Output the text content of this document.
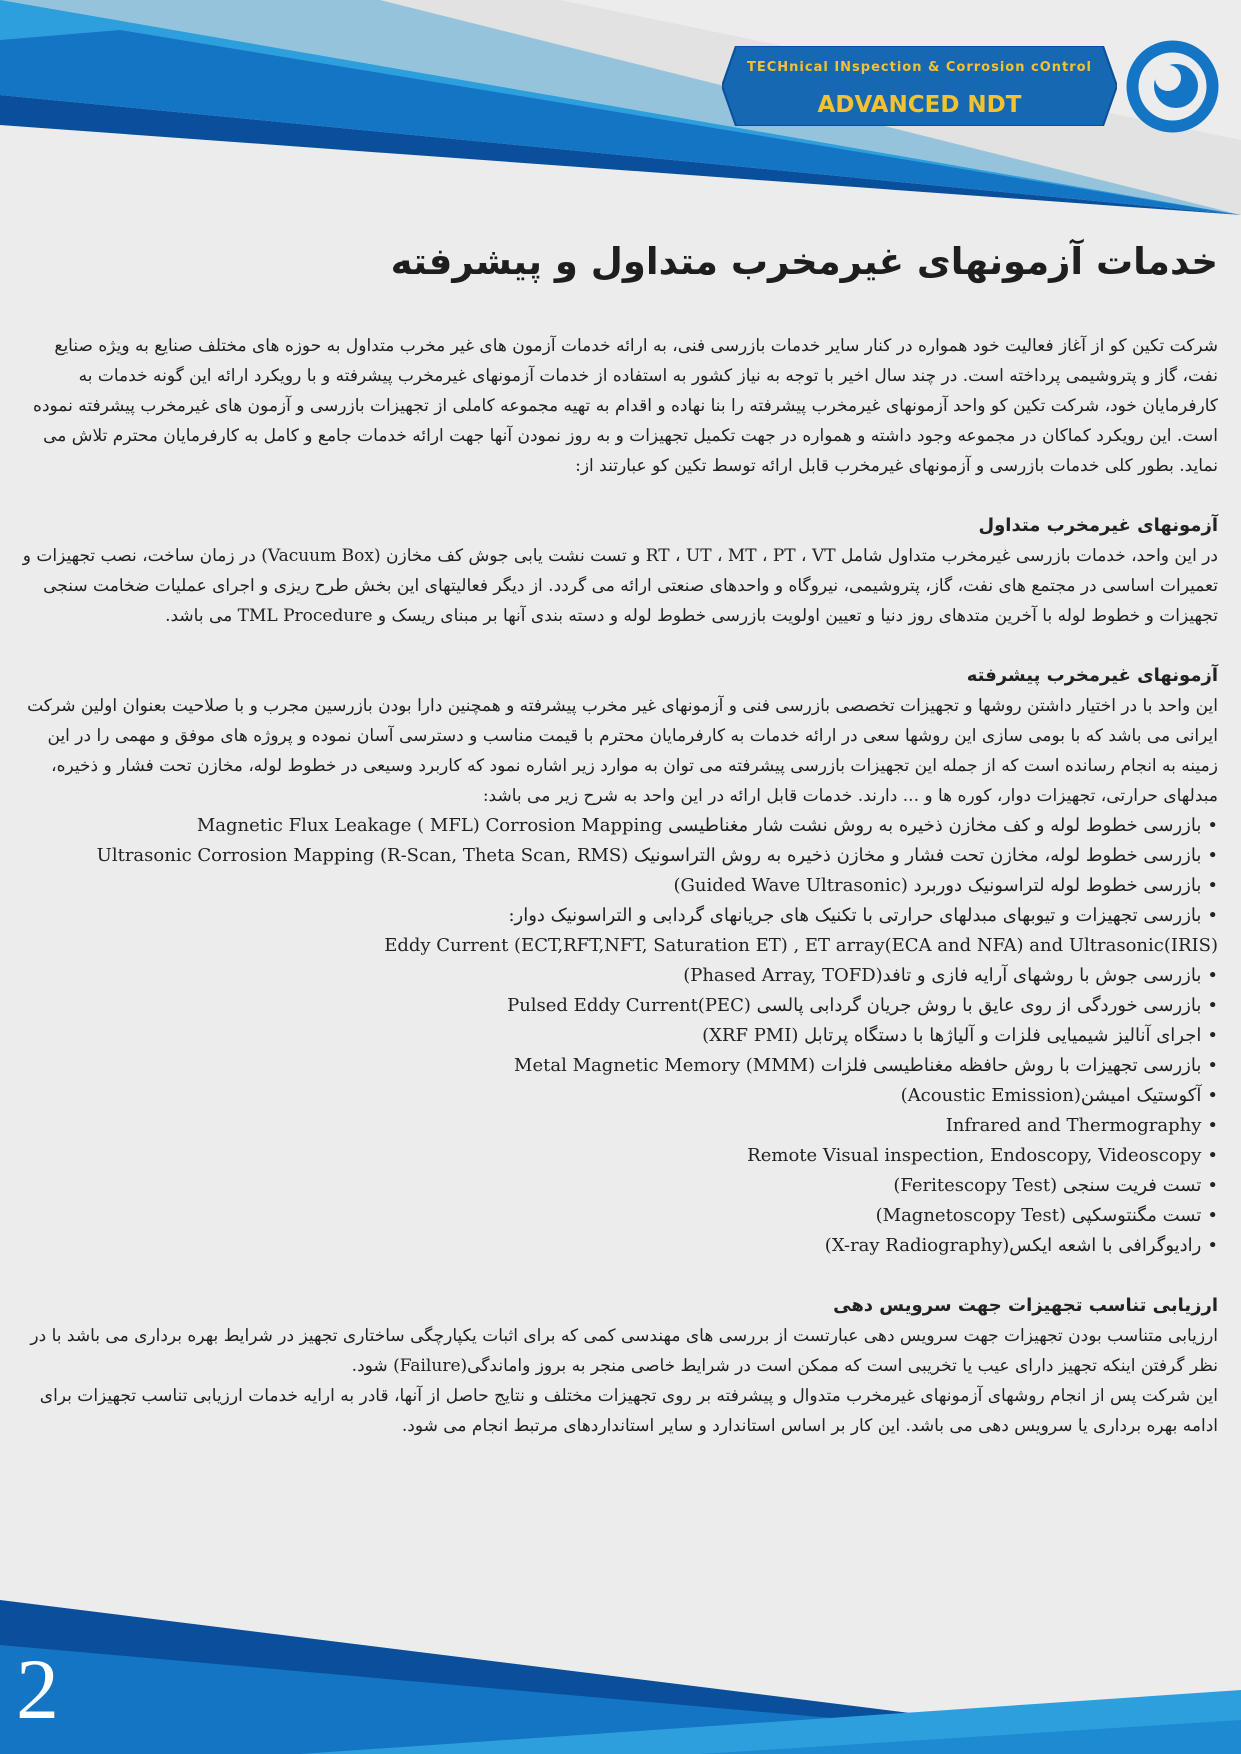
TECHnical INspection & Corrosion cOntrol
ADVANCED NDT
خدمات آزمونهای غیرمخرب متداول و پیشرفته

شرکت تکین کو از آغاز فعالیت خود همواره در کنار سایر خدمات بازرسی فنی، به ارائه خدمات آزمون های غیر مخرب متداول به حوزه های مختلف صنایع به ویژه صنایع نفت، گاز و پتروشیمی پرداخته است. در چند سال اخیر با توجه به نیاز کشور به استفاده از خدمات آزمونهای غیرمخرب پیشرفته و با رویکرد ارائه این گونه خدمات به کارفرمایان خود، شرکت تکین کو واحد آزمونهای غیرمخرب پیشرفته را بنا نهاده و اقدام به تهیه مجموعه کاملی از تجهیزات بازرسی و آزمون های غیرمخرب پیشرفته نموده است. این رویکرد کماکان در مجموعه وجود داشته و همواره در جهت تکمیل تجهیزات و به روز نمودن آنها جهت ارائه خدمات جامع و کامل به کارفرمایان محترم تلاش می نماید. بطور کلی خدمات بازرسی و آزمونهای غیرمخرب قابل ارائه توسط تکین کو عبارتند از:

آزمونهای غیرمخرب متداول

در این واحد، خدمات بازرسی غیرمخرب متداول شامل RT ، UT ، MT ، PT ، VT و تست نشت یابی جوش کف مخازن (Vacuum Box) در زمان ساخت، نصب تجهیزات و تعمیرات اساسی در مجتمع های نفت، گاز، پتروشیمی، نیروگاه و واحدهای صنعتی ارائه می گردد. از دیگر فعالیتهای این بخش طرح ریزی و اجرای عملیات ضخامت سنجی تجهیزات و خطوط لوله با آخرین متدهای روز دنیا و تعیین اولویت بازرسی خطوط لوله و دسته بندی آنها بر مبنای ریسک و TML Procedure می باشد.

آزمونهای غیرمخرب پیشرفته

این واحد با در اختیار داشتن روشها و تجهیزات تخصصی بازرسی فنی و آزمونهای غیر مخرب پیشرفته و همچنین دارا بودن بازرسین مجرب و با صلاحیت بعنوان اولین شرکت ایرانی می باشد که با بومی سازی این روشها سعی در ارائه خدمات به کارفرمایان محترم با قیمت مناسب و دسترسی آسان نموده و پروژه های موفق و مهمی را در این زمینه به انجام رسانده است که از جمله این تجهیزات بازرسی پیشرفته می توان به موارد زیر اشاره نمود که کاربرد وسیعی در خطوط لوله، مخازن تحت فشار و ذخیره، مبدلهای حرارتی، تجهیزات دوار، کوره ها و ... دارند. خدمات قابل ارائه در این واحد به شرح زیر می باشد:

•بازرسی خطوط لوله و کف مخازن ذخیره به روش نشت شار مغناطیسی Magnetic Flux Leakage ( MFL) Corrosion Mapping
•بازرسی خطوط لوله، مخازن تحت فشار و مخازن ذخیره به روش التراسونیک Ultrasonic Corrosion Mapping (R-Scan, Theta Scan, RMS)
•بازرسی خطوط لوله لتراسونیک دوربرد (Guided Wave Ultrasonic)
•بازرسی تجهیزات و تیوبهای مبدلهای حرارتی با تکنیک های جریانهای گردابی و التراسونیک دوار:
Eddy Current (ECT,RFT,NFT, Saturation ET) , ET array(ECA and NFA) and Ultrasonic(IRIS)
•بازرسی جوش با روشهای آرایه فازی و تافد(Phased Array, TOFD)
•بازرسی خوردگی از روی عایق با روش جریان گردابی پالسی Pulsed Eddy Current(PEC)
•اجرای آنالیز شیمیایی فلزات و آلیاژها با دستگاه پرتابل (XRF PMI)
•بازرسی تجهیزات با روش حافظه مغناطیسی فلزات Metal Magnetic Memory (MMM)
•آکوستیک امیشن(Acoustic Emission)
•Infrared and Thermography
•Remote Visual inspection, Endoscopy, Videoscopy
•تست فریت سنجی (Feritescopy Test)
•تست مگنتوسکپی (Magnetoscopy Test)
•رادیوگرافی با اشعه ایکس(X-ray Radiography)

ارزیابی تناسب تجهیزات جهت سرویس دهی

ارزیابی متناسب بودن تجهیزات جهت سرویس دهی عبارتست از بررسی های مهندسی کمی که برای اثبات یکپارچگی ساختاری تجهیز در شرایط بهره برداری می باشد با در نظر گرفتن اینکه تجهیز دارای عیب یا تخریبی است که ممکن است در شرایط خاصی منجر به بروز واماندگی(Failure) شود.

این شرکت پس از انجام روشهای آزمونهای غیرمخرب متدوال و پیشرفته بر روی تجهیزات مختلف و نتایج حاصل از آنها، قادر به ارایه خدمات ارزیابی تناسب تجهیزات برای ادامه بهره برداری یا سرویس دهی می باشد. این کار بر اساس استاندارد و سایر استانداردهای مرتبط انجام می شود.

2
